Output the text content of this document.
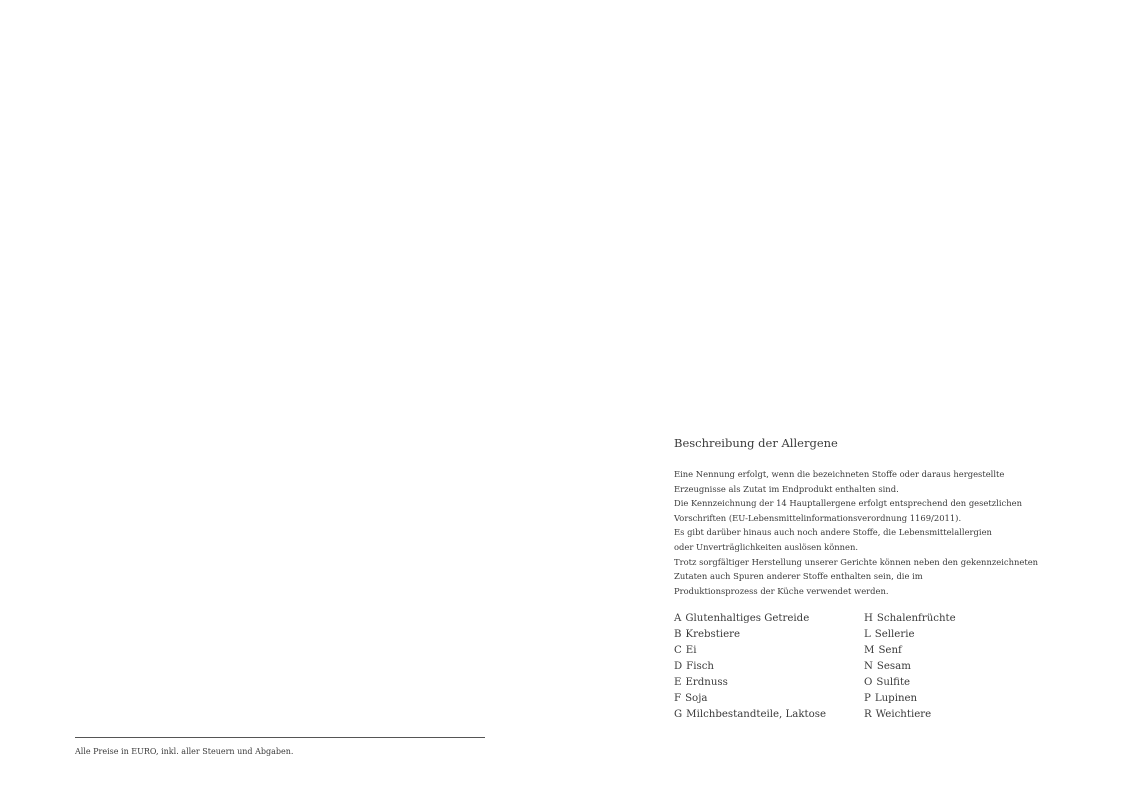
Alle Preise in EURO, inkl. aller Steuern und Abgaben.
Beschreibung der Allergene
Eine Nennung erfolgt, wenn die bezeichneten Stoffe oder daraus hergestellte
Erzeugnisse als Zutat im Endprodukt enthalten sind.
Die Kennzeichnung der 14 Hauptallergene erfolgt entsprechend den gesetzlichen
Vorschriften (EU-Lebensmittelinformationsverordnung 1169/2011).
Es gibt darüber hinaus auch noch andere Stoffe, die Lebensmittelallergien
oder Unverträglichkeiten auslösen können.
Trotz sorgfältiger Herstellung unserer Gerichte können neben den gekennzeichneten
Zutaten auch Spuren anderer Stoffe enthalten sein, die im
Produktionsprozess der Küche verwendet werden.
A Glutenhaltiges Getreide
B Krebstiere
C Ei
D Fisch
E Erdnuss
F Soja
G Milchbestandteile, Laktose
H Schalenfrüchte
L Sellerie
M Senf
N Sesam
O Sulfite
P Lupinen
R Weichtiere
